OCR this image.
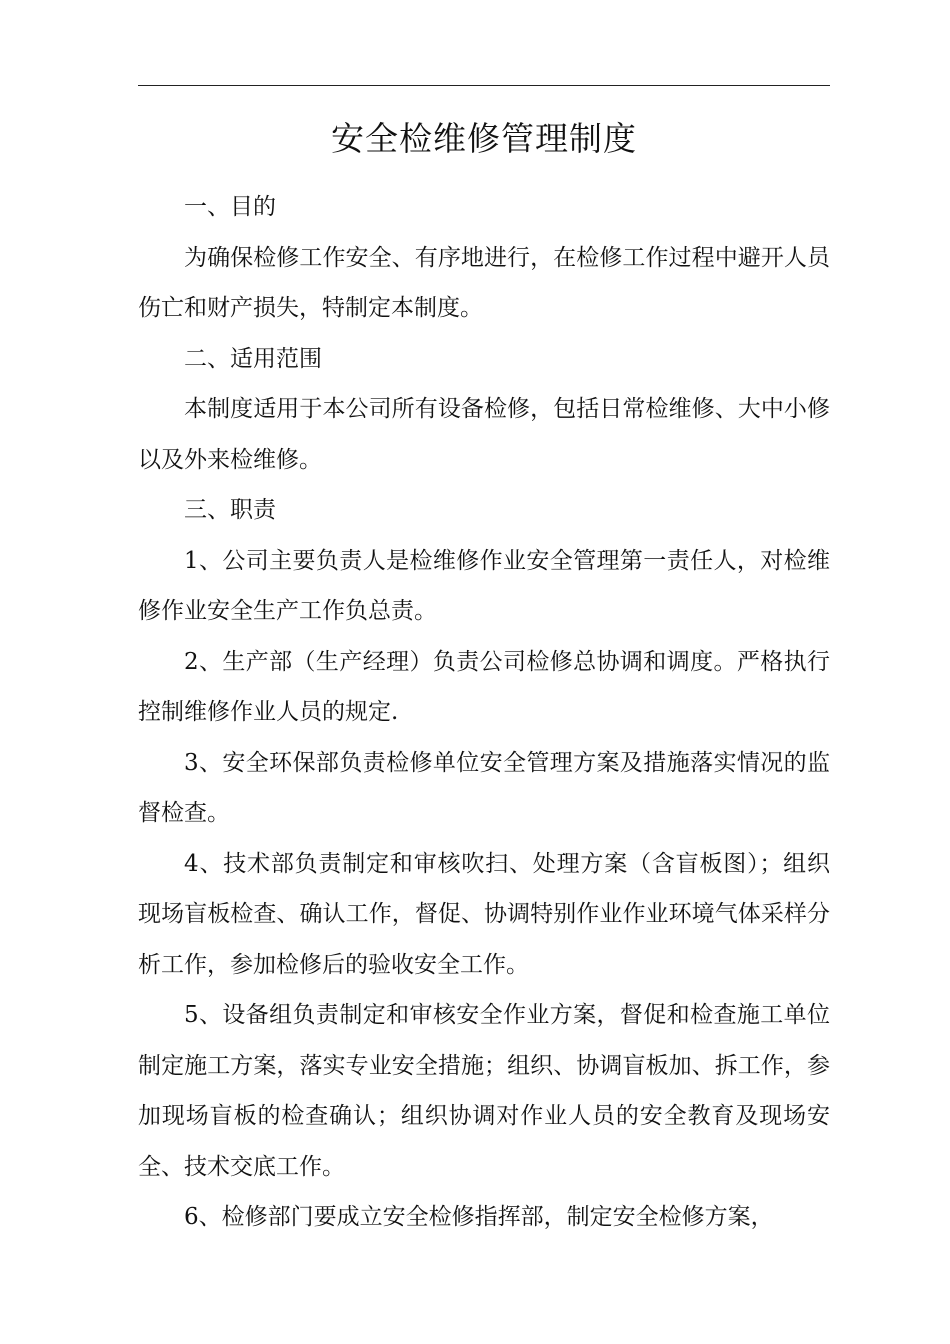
安全检维修管理制度

一、目的

为确保检修工作安全、有序地进行，在检修工作过程中避开人员伤亡和财产损失，特制定本制度。

二、适用范围

本制度适用于本公司所有设备检修，包括日常检维修、大中小修以及外来检维修。

三、职责

1、公司主要负责人是检维修作业安全管理第一责任人，对检维修作业安全生产工作负总责。

2、生产部（生产经理）负责公司检修总协调和调度。严格执行控制维修作业人员的规定.

3、安全环保部负责检修单位安全管理方案及措施落实情况的监督检查。

4、技术部负责制定和审核吹扫、处理方案（含盲板图）；组织现场盲板检查、确认工作，督促、协调特别作业作业环境气体采样分析工作，参加检修后的验收安全工作。

5、设备组负责制定和审核安全作业方案，督促和检查施工单位制定施工方案，落实专业安全措施；组织、协调盲板加、拆工作，参加现场盲板的检查确认；组织协调对作业人员的安全教育及现场安全、技术交底工作。

6、检修部门要成立安全检修指挥部，制定安全检修方案，
